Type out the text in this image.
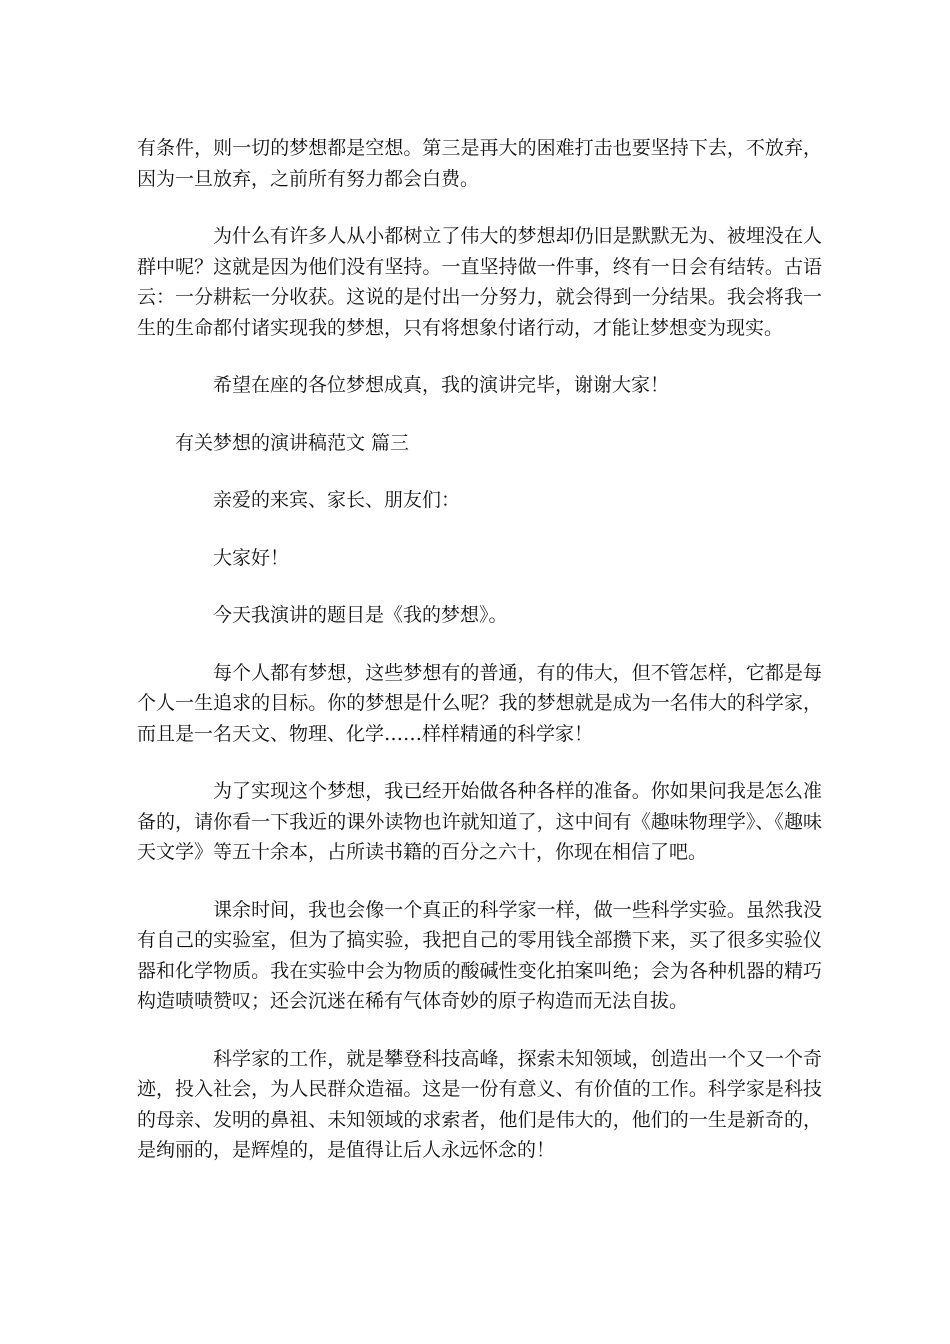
有条件，则一切的梦想都是空想。第三是再大的困难打击也要坚持下去，不放弃，因为一旦放弃，之前所有努力都会白费。

为什么有许多人从小都树立了伟大的梦想却仍旧是默默无为、被埋没在人群中呢？这就是因为他们没有坚持。一直坚持做一件事，终有一日会有结转。古语云：一分耕耘一分收获。这说的是付出一分努力，就会得到一分结果。我会将我一生的生命都付诸实现我的梦想，只有将想象付诸行动，才能让梦想变为现实。

希望在座的各位梦想成真，我的演讲完毕，谢谢大家！

有关梦想的演讲稿范文 篇三

亲爱的来宾、家长、朋友们：

大家好！

今天我演讲的题目是《我的梦想》。

每个人都有梦想，这些梦想有的普通，有的伟大，但不管怎样，它都是每个人一生追求的目标。你的梦想是什么呢？我的梦想就是成为一名伟大的科学家，而且是一名天文、物理、化学……样样精通的科学家！

为了实现这个梦想，我已经开始做各种各样的准备。你如果问我是怎么准备的，请你看一下我近的课外读物也许就知道了，这中间有《趣味物理学》、《趣味天文学》等五十余本，占所读书籍的百分之六十，你现在相信了吧。

课余时间，我也会像一个真正的科学家一样，做一些科学实验。虽然我没有自己的实验室，但为了搞实验，我把自己的零用钱全部攒下来，买了很多实验仪器和化学物质。我在实验中会为物质的酸碱性变化拍案叫绝；会为各种机器的精巧构造啧啧赞叹；还会沉迷在稀有气体奇妙的原子构造而无法自拔。

科学家的工作，就是攀登科技高峰，探索未知领域，创造出一个又一个奇迹，投入社会，为人民群众造福。这是一份有意义、有价值的工作。科学家是科技的母亲、发明的鼻祖、未知领域的求索者，他们是伟大的，他们的一生是新奇的，是绚丽的，是辉煌的，是值得让后人永远怀念的！
